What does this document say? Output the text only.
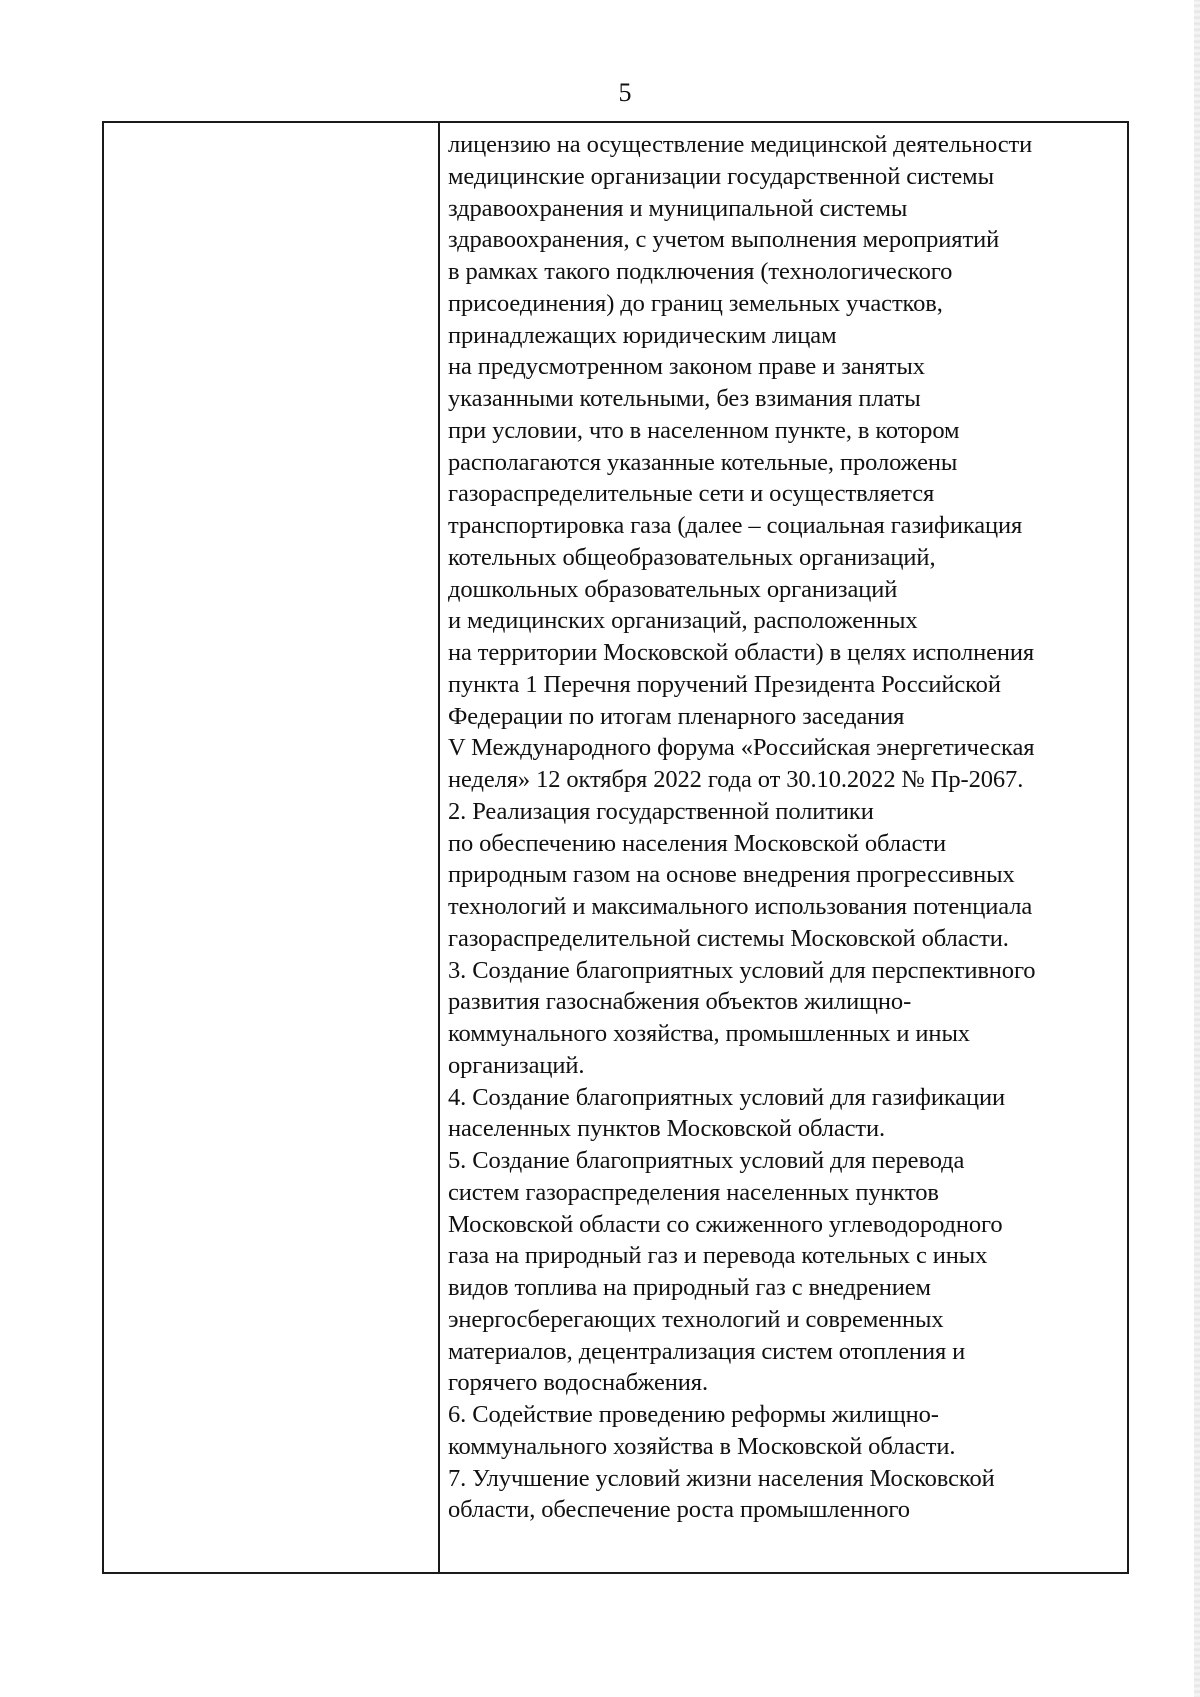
5
лицензию на осуществление медицинской деятельности
медицинские организации государственной системы
здравоохранения и муниципальной системы
здравоохранения, с учетом выполнения мероприятий
в рамках такого подключения (технологического
присоединения) до границ земельных участков,
принадлежащих юридическим лицам
на предусмотренном законом праве и занятых
указанными котельными, без взимания платы
при условии, что в населенном пункте, в котором
располагаются указанные котельные, проложены
газораспределительные сети и осуществляется
транспортировка газа (далее – социальная газификация
котельных общеобразовательных организаций,
дошкольных образовательных организаций
и медицинских организаций, расположенных
на территории Московской области) в целях исполнения
пункта 1 Перечня поручений Президента Российской
Федерации по итогам пленарного заседания
V Международного форума «Российская энергетическая
неделя» 12 октября 2022 года от 30.10.2022 № Пр-2067.
2. Реализация государственной политики
по обеспечению населения Московской области
природным газом на основе внедрения прогрессивных
технологий и максимального использования потенциала
газораспределительной системы Московской области.
3. Создание благоприятных условий для перспективного
развития газоснабжения объектов жилищно-
коммунального хозяйства, промышленных и иных
организаций.
4. Создание благоприятных условий для газификации
населенных пунктов Московской области.
5. Создание благоприятных условий для перевода
систем газораспределения населенных пунктов
Московской области со сжиженного углеводородного
газа на природный газ и перевода котельных с иных
видов топлива на природный газ с внедрением
энергосберегающих технологий и современных
материалов, децентрализация систем отопления и
горячего водоснабжения.
6. Содействие проведению реформы жилищно-
коммунального хозяйства в Московской области.
7. Улучшение условий жизни населения Московской
области, обеспечение роста промышленного
